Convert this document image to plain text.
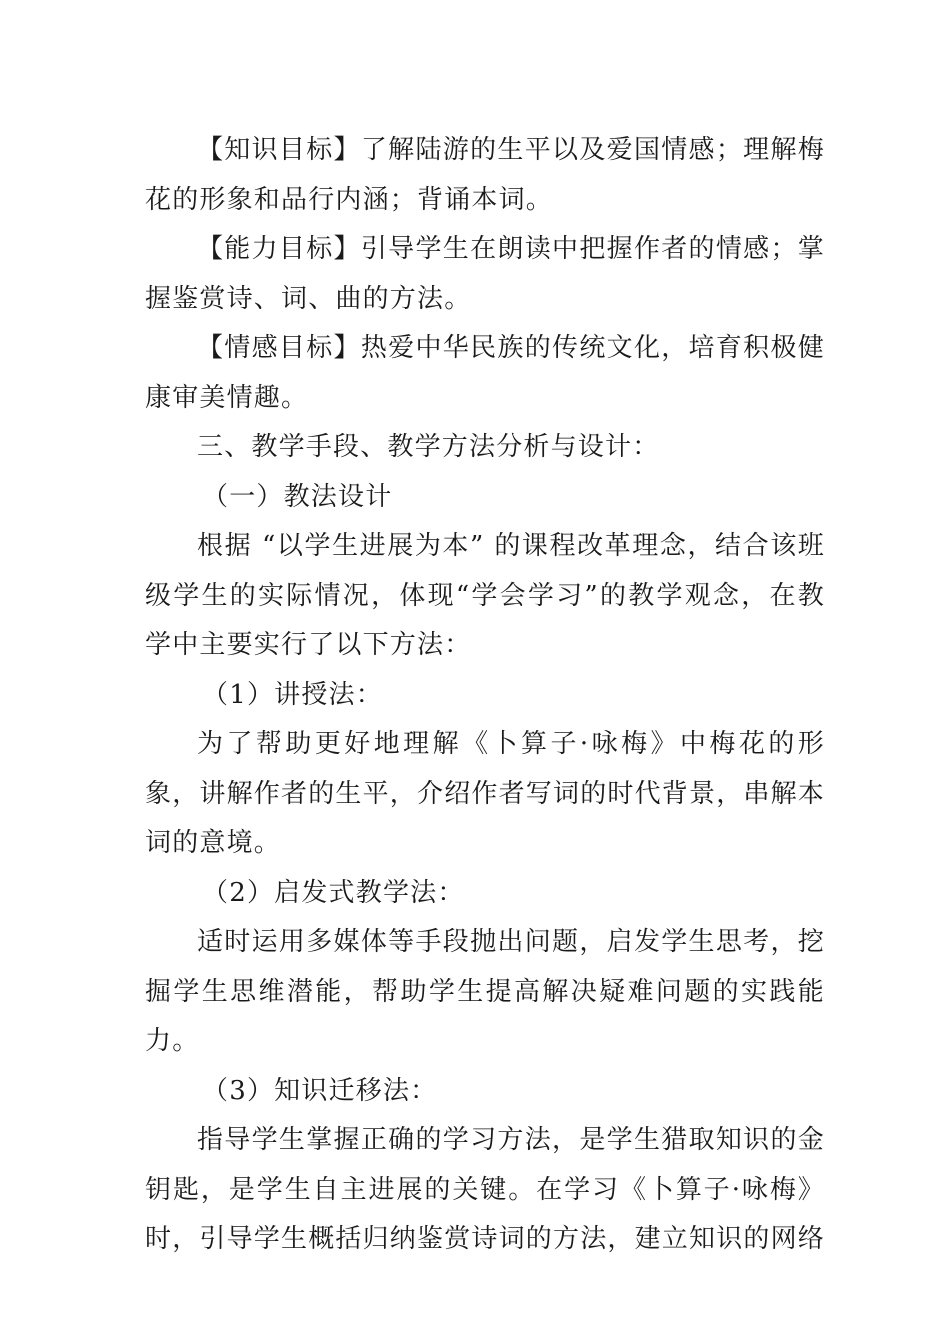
【知识目标】了解陆游的生平以及爱国情感；理解梅花的形象和品行内涵；背诵本词。

【能力目标】引导学生在朗读中把握作者的情感；掌握鉴赏诗、词、曲的方法。

【情感目标】热爱中华民族的传统文化，培育积极健康审美情趣。

三、教学手段、教学方法分析与设计：

（一）教法设计

根据 “以学生进展为本” 的课程改革理念，结合该班级学生的实际情况，体现“学会学习”的教学观念，在教学中主要实行了以下方法：

（1）讲授法：

为了帮助更好地理解《卜算子·咏梅》中梅花的形象，讲解作者的生平，介绍作者写词的时代背景，串解本词的意境。

（2）启发式教学法：

适时运用多媒体等手段抛出问题，启发学生思考，挖掘学生思维潜能，帮助学生提高解决疑难问题的实践能力。

（3）知识迁移法：

指导学生掌握正确的学习方法，是学生猎取知识的金钥匙，是学生自主进展的关键。在学习《卜算子·咏梅》时，引导学生概括归纳鉴赏诗词的方法，建立知识的网络
